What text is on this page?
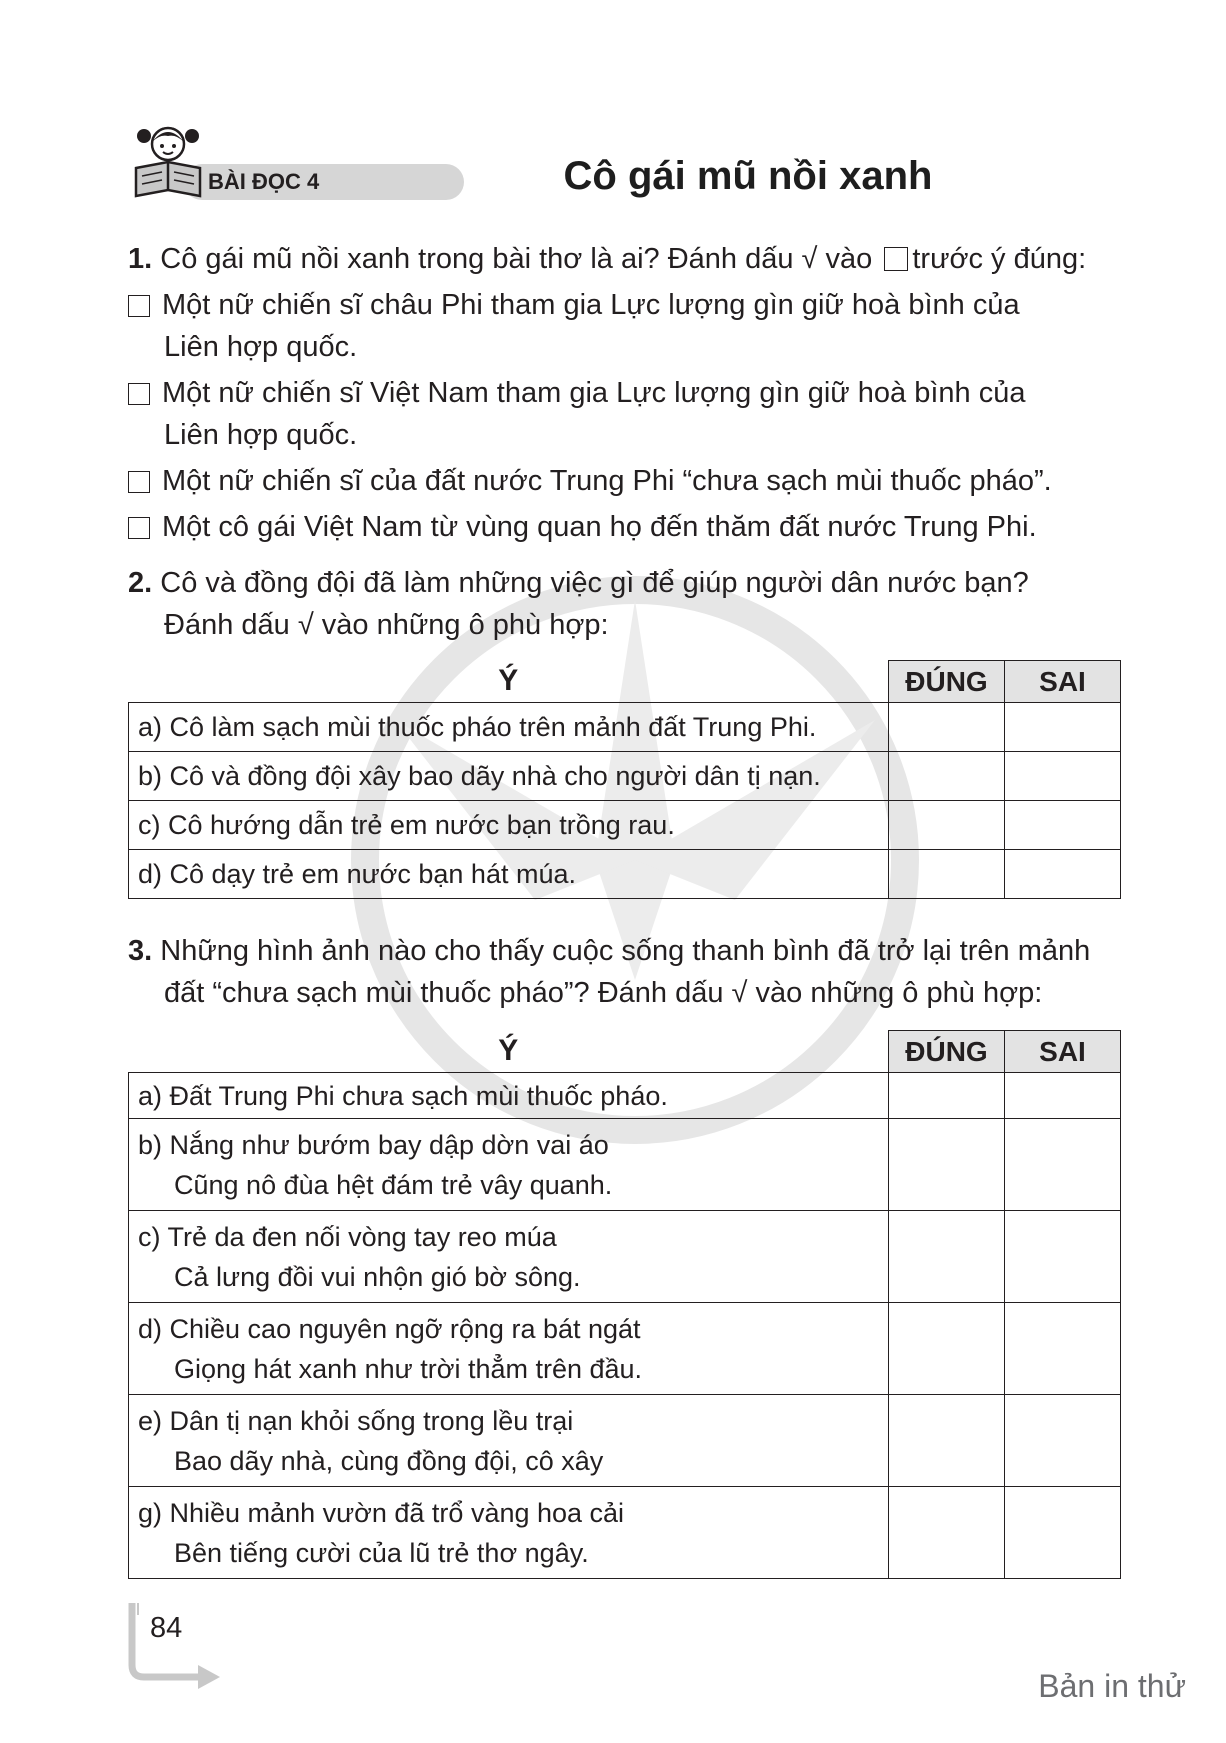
BÀI ĐỌC 4	Cô gái mũ nồi xanh
1. Cô gái mũ nồi xanh trong bài thơ là ai? Đánh dấu √ vào trước ý đúng:
Một nữ chiến sĩ châu Phi tham gia Lực lượng gìn giữ hoà bình của
Liên hợp quốc.
Một nữ chiến sĩ Việt Nam tham gia Lực lượng gìn giữ hoà bình của
Liên hợp quốc.
Một nữ chiến sĩ của đất nước Trung Phi “chưa sạch mùi thuốc pháo”.
Một cô gái Việt Nam từ vùng quan họ đến thăm đất nước Trung Phi.
2. Cô và đồng đội đã làm những việc gì để giúp người dân nước bạn?
Đánh dấu √ vào những ô phù hợp:
Ý	ĐÚNG	SAI
a) Cô làm sạch mùi thuốc pháo trên mảnh đất Trung Phi.		
b) Cô và đồng đội xây bao dãy nhà cho người dân tị nạn.		
c) Cô hướng dẫn trẻ em nước bạn trồng rau.		
d) Cô dạy trẻ em nước bạn hát múa.		
3. Những hình ảnh nào cho thấy cuộc sống thanh bình đã trở lại trên mảnh
đất “chưa sạch mùi thuốc pháo”? Đánh dấu √ vào những ô phù hợp:
Ý	ĐÚNG	SAI
a) Đất Trung Phi chưa sạch mùi thuốc pháo.		
b) Nắng như bướm bay dập dờn vai áo
Cũng nô đùa hệt đám trẻ vây quanh.		

c) Trẻ da đen nối vòng tay reo múa
Cả lưng đồi vui nhộn gió bờ sông.		

d) Chiều cao nguyên ngỡ rộng ra bát ngát
Giọng hát xanh như trời thẳm trên đầu.		

e) Dân tị nạn khỏi sống trong lều trại
Bao dãy nhà, cùng đồng đội, cô xây		

g) Nhiều mảnh vườn đã trổ vàng hoa cải
Bên tiếng cười của lũ trẻ thơ ngây.		

84
Bản in thử
